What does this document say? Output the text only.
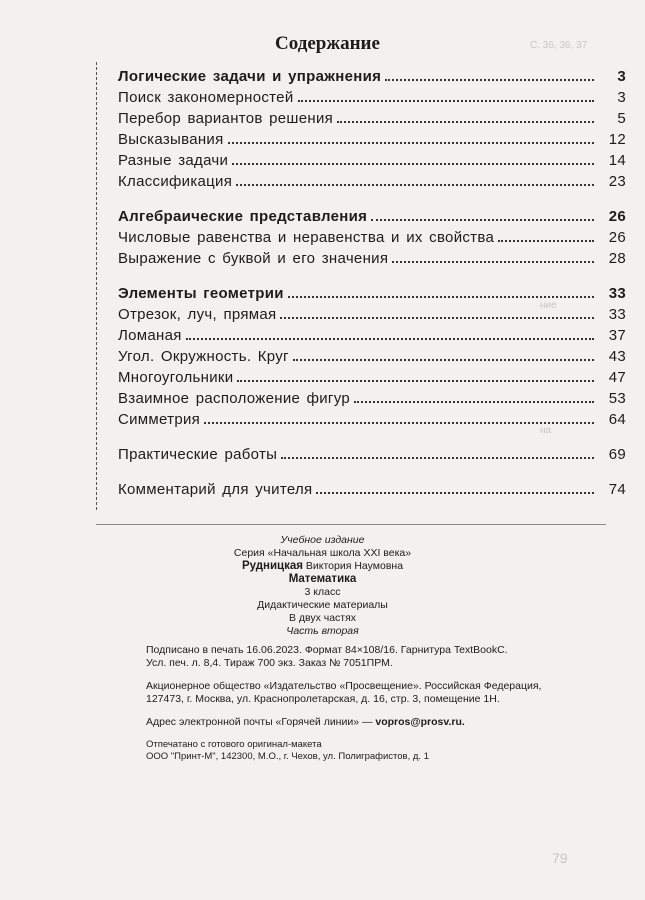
С. 36, 36, 37
ние
на
79
Содержание
Логические задачи и упражнения	3
Поиск закономерностей	3
Перебор вариантов решения	5
Высказывания	12
Разные задачи	14
Классификация	23
Алгебраические представления	26
Числовые равенства и неравенства и их свойства	26
Выражение с буквой и его значения	28
Элементы геометрии	33
Отрезок, луч, прямая	33
Ломаная	37
Угол. Окружность. Круг	43
Многоугольники	47
Взаимное расположение фигур	53
Симметрия	64
Практические работы	69
Комментарий для учителя	74
Учебное издание
Серия «Начальная школа XXI века»
Рудницкая Виктория Наумовна
Математика
3 класс
Дидактические материалы
В двух частях
Часть вторая
Подписано в печать 16.06.2023. Формат 84×108/16. Гарнитура TextBookC.
Усл. печ. л. 8,4. Тираж 700 экз. Заказ № 7051ПРМ.
Акционерное общество «Издательство «Просвещение». Российская Федерация,
127473, г. Москва, ул. Краснопролетарская, д. 16, стр. 3, помещение 1Н.
Адрес электронной почты «Горячей линии» — vopros@prosv.ru.
Отпечатано с готового оригинал-макета
ООО "Принт-М", 142300, М.О., г. Чехов, ул. Полиграфистов, д. 1
